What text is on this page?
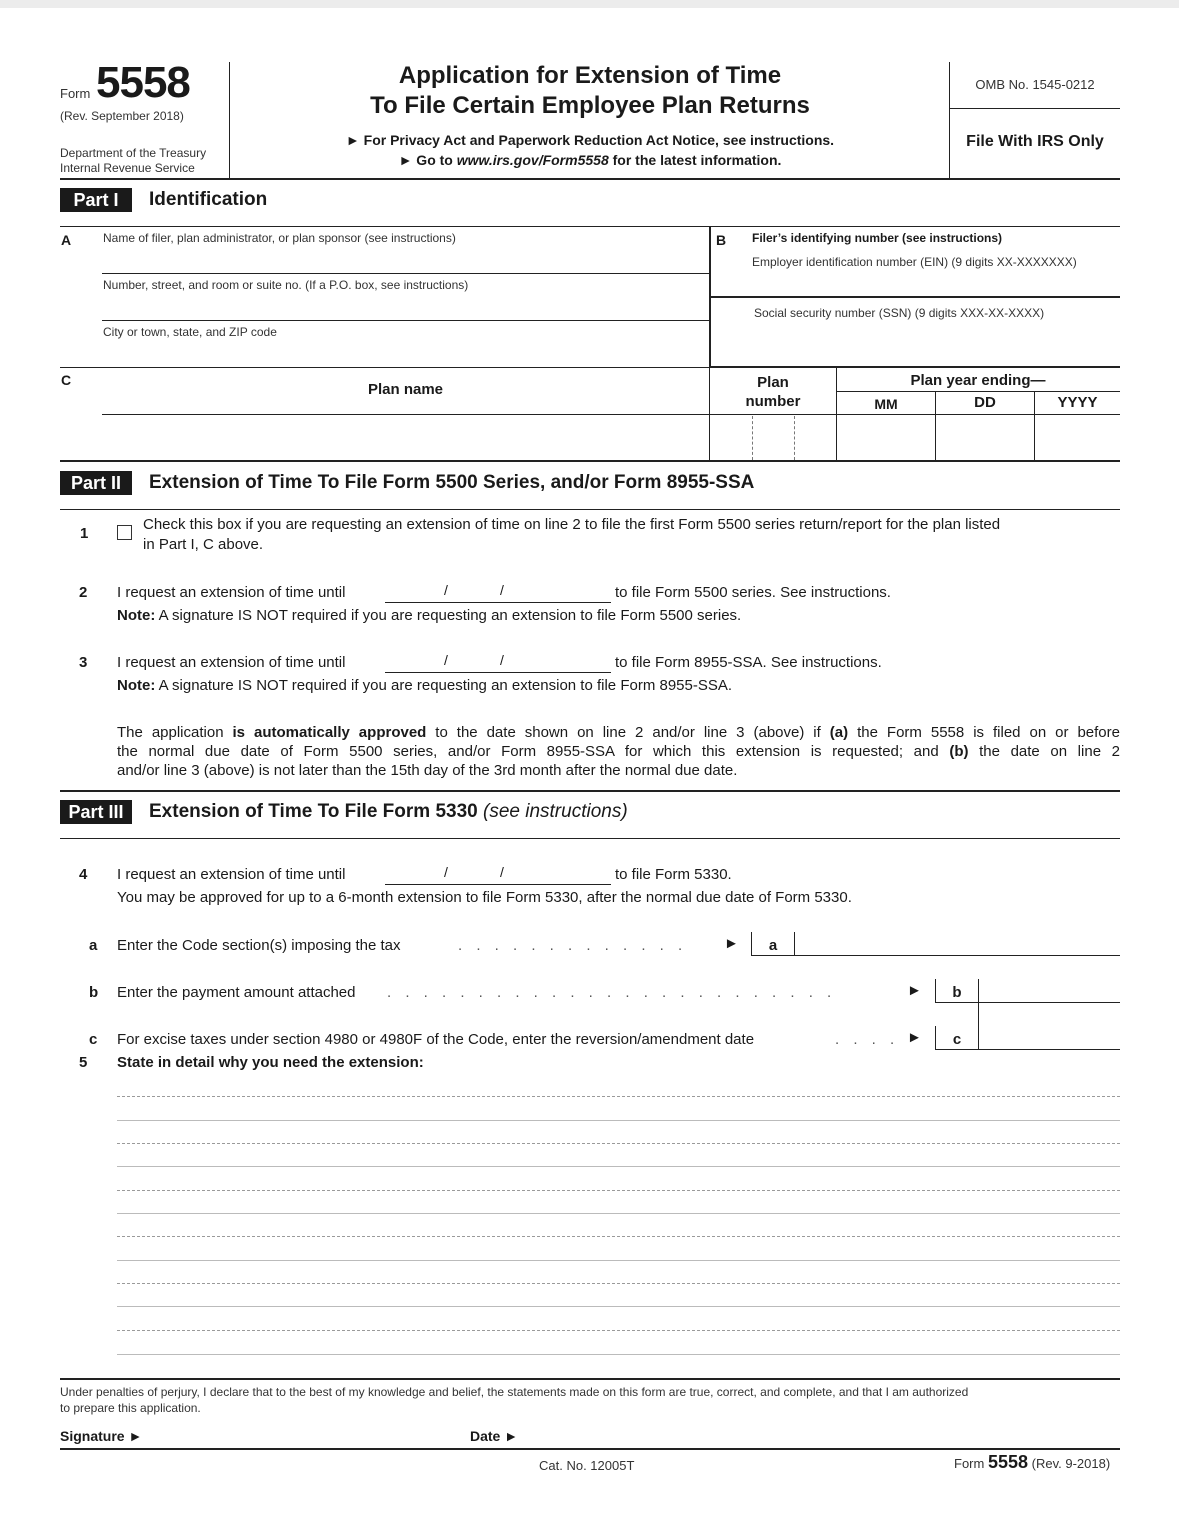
Form 5558
(Rev. September 2018)
Department of the Treasury
Internal Revenue Service
Application for Extension of Time
To File Certain Employee Plan Returns
► For Privacy Act and Paperwork Reduction Act Notice, see instructions.
► Go to www.irs.gov/Form5558 for the latest information.
OMB No. 1545-0212
File With IRS Only
Part I	Identification
A	Name of filer, plan administrator, or plan sponsor (see instructions)
Number, street, and room or suite no. (If a P.O. box, see instructions)
City or town, state, and ZIP code
B Filer’s identifying number (see instructions)
Employer identification number (EIN) (9 digits XX-XXXXXXX)
Social security number (SSN) (9 digits XXX-XX-XXXX)
C
Plan name	Plan
number
Plan year ending—
MM	DD	YYYY
Part II	Extension of Time To File Form 5500 Series, and/or Form 8955-SSA
1
Check this box if you are requesting an extension of time on line 2 to file the first Form 5500 series return/report for the plan listed
in Part I, C above.
2 I request an extension of time until	/	/	to file Form 5500 series. See instructions.
Note: A signature IS NOT required if you are requesting an extension to file Form 5500 series.
3 I request an extension of time until	/	/	to file Form 8955-SSA. See instructions.
Note: A signature IS NOT required if you are requesting an extension to file Form 8955-SSA.
The application is automatically approved to the date shown on line 2 and/or line 3 (above) if (a) the Form 5558 is filed on or before
the normal due date of Form 5500 series, and/or Form 8955-SSA for which this extension is requested; and (b) the date on line 2
and/or line 3 (above) is not later than the 15th day of the 3rd month after the normal due date.
Part III	Extension of Time To File Form 5330 (see instructions)
4 I request an extension of time until	/	/	to file Form 5330.
You may be approved for up to a 6-month extension to file Form 5330, after the normal due date of Form 5330.
a Enter the Code section(s) imposing the tax	. . . . . . . . . . . . . ►	a
b Enter the payment amount attached . . . . . . . . . . . . . . . . . . . . . . . . .	►	b
c For excise taxes under section 4980 or 4980F of the Code, enter the reversion/amendment date	. . . . ►	c
5 State in detail why you need the extension:
Under penalties of perjury, I declare that to the best of my knowledge and belief, the statements made on this form are true, correct, and complete, and that I am authorized
to prepare this application.
Signature ►	Date ►
Cat. No. 12005T	Form 5558 (Rev. 9-2018)
